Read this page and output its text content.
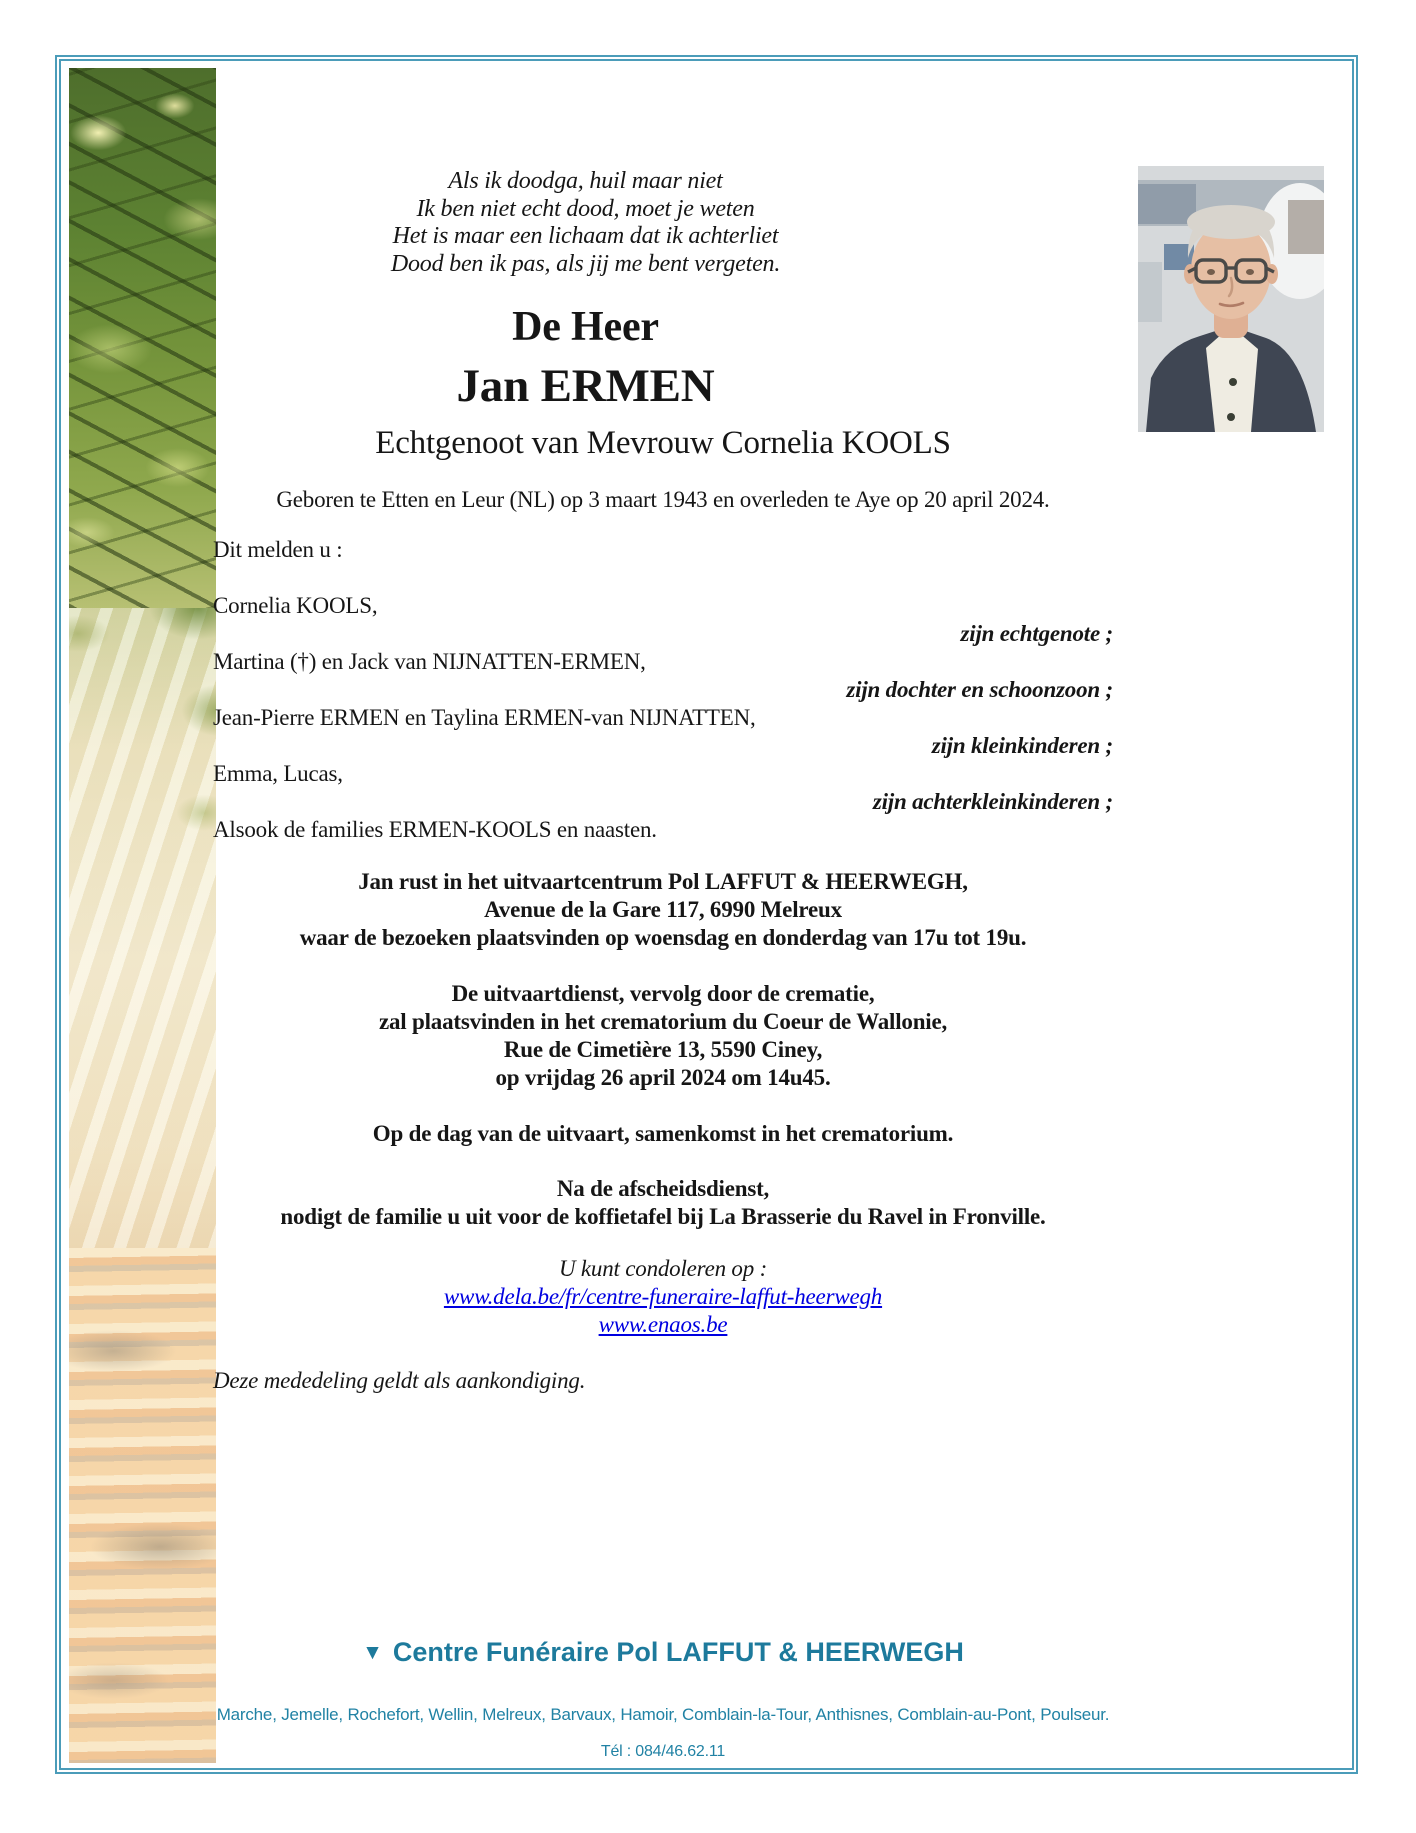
Als ik doodga, huil maar niet
Ik ben niet echt dood, moet je weten
Het is maar een lichaam dat ik achterliet
Dood ben ik pas, als jij me bent vergeten.
De Heer
Jan ERMEN
Echtgenoot van Mevrouw Cornelia KOOLS
Geboren te Etten en Leur (NL) op 3 maart 1943 en overleden te Aye op 20 april 2024.
Dit melden u :
Cornelia KOOLS,
zijn echtgenote ;
Martina (†) en Jack van NIJNATTEN-ERMEN,
zijn dochter en schoonzoon ;
Jean-Pierre ERMEN en Taylina ERMEN-van NIJNATTEN,
zijn kleinkinderen ;
Emma, Lucas,
zijn achterkleinkinderen ;
Alsook de families ERMEN-KOOLS en naasten.
Jan rust in het uitvaartcentrum Pol LAFFUT & HEERWEGH,
Avenue de la Gare 117, 6990 Melreux
waar de bezoeken plaatsvinden op woensdag en donderdag van 17u tot 19u.
De uitvaartdienst, vervolg door de crematie,
zal plaatsvinden in het crematorium du Coeur de Wallonie,
Rue de Cimetière 13, 5590 Ciney,
op vrijdag 26 april 2024 om 14u45.
Op de dag van de uitvaart, samenkomst in het crematorium.
Na de afscheidsdienst,
nodigt de familie u uit voor de koffietafel bij La Brasserie du Ravel in Fronville.
U kunt condoleren op :
www.dela.be/fr/centre-funeraire-laffut-heerwegh
www.enaos.be
Deze mededeling geldt als aankondiging.
▼ Centre Funéraire Pol LAFFUT & HEERWEGH
Marche, Jemelle, Rochefort, Wellin, Melreux, Barvaux, Hamoir, Comblain-la-Tour, Anthisnes, Comblain-au-Pont, Poulseur.
Tél : 084/46.62.11
